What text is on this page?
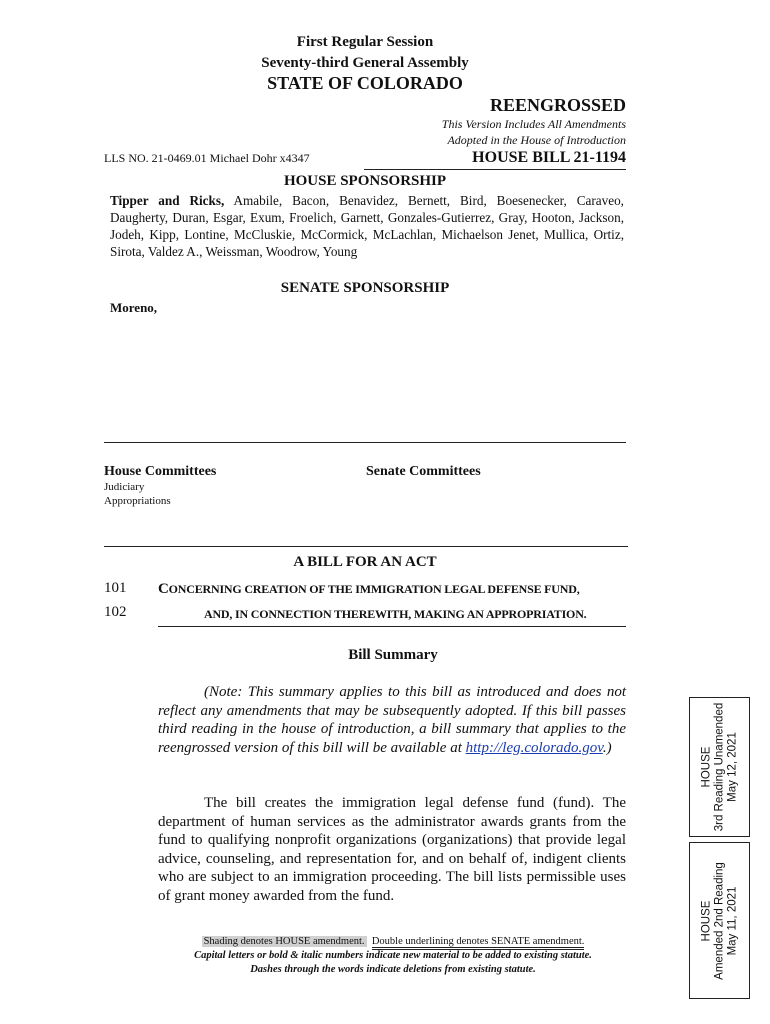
First Regular Session
Seventy-third General Assembly
STATE OF COLORADO
REENGROSSED
This Version Includes All Amendments
Adopted in the House of Introduction
LLS NO. 21-0469.01 Michael Dohr x4347	HOUSE BILL 21-1194
HOUSE SPONSORSHIP
Tipper and Ricks, Amabile, Bacon, Benavidez, Bernett, Bird, Boesenecker, Caraveo, Daugherty, Duran, Esgar, Exum, Froelich, Garnett, Gonzales-Gutierrez, Gray, Hooton, Jackson, Jodeh, Kipp, Lontine, McCluskie, McCormick, McLachlan, Michaelson Jenet, Mullica, Ortiz, Sirota, Valdez A., Weissman, Woodrow, Young
SENATE SPONSORSHIP
Moreno,
House Committees
Judiciary
Appropriations
Senate Committees
A BILL FOR AN ACT
101
102
CONCERNING CREATION OF THE IMMIGRATION LEGAL DEFENSE FUND,
AND, IN CONNECTION THEREWITH, MAKING AN APPROPRIATION.
Bill Summary
(Note: This summary applies to this bill as introduced and does not reflect any amendments that may be subsequently adopted. If this bill passes third reading in the house of introduction, a bill summary that applies to the reengrossed version of this bill will be available at http://leg.colorado.gov.)
The bill creates the immigration legal defense fund (fund). The department of human services as the administrator awards grants from the fund to qualifying nonprofit organizations (organizations) that provide legal advice, counseling, and representation for, and on behalf of, indigent clients who are subject to an immigration proceeding. The bill lists permissible uses of grant money awarded from the fund.
Shading denotes HOUSE amendment. Double underlining denotes SENATE amendment.
Capital letters or bold & italic numbers indicate new material to be added to existing statute.
Dashes through the words indicate deletions from existing statute.
HOUSE 3rd Reading Unamended May 12, 2021
HOUSE Amended 2nd Reading May 11, 2021
